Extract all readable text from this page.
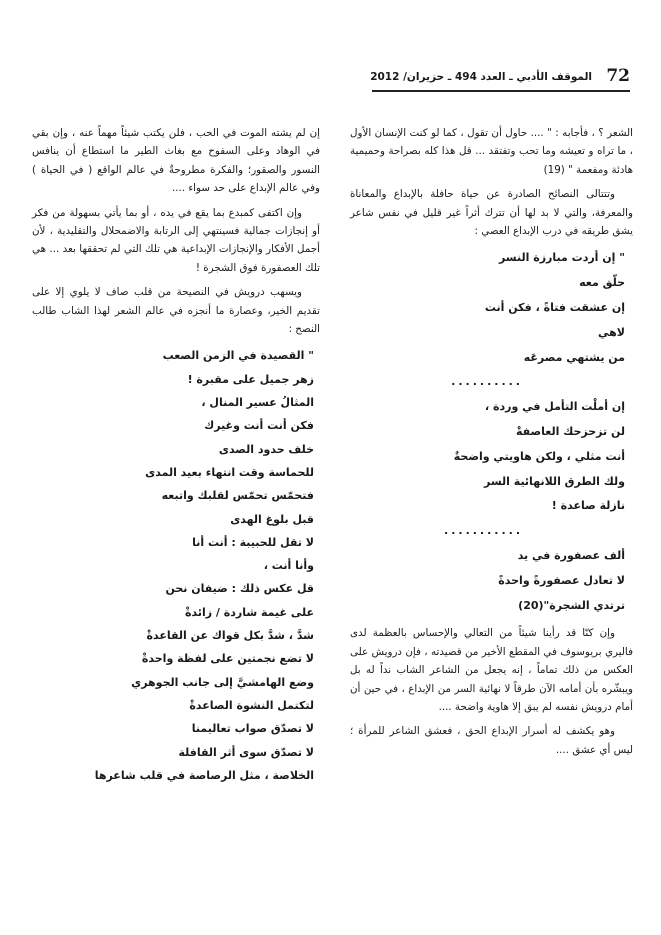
72
الموقف الأدبي ـ العدد 494 ـ حزيران/ 2012

الشعر ؟ ، فأجابه : " .... حاول أن تقول ، كما لو كنت الإنسان الأول ، ما تراه و تعيشه وما تحب وتفتقد ... قل هذا كله بصراحة وحميمية هادئة ومفعمة " (19)

وتتتالى النصائح الصادرة عن حياة حافلة بالإبداع والمعاناة والمعرفة، والتي لا بد لها أن تترك أثراً غير قليل في نفس شاعر يشق طريقه في درب الإبداع العصي :

" إن أردت مبارزة النسر
حلّق معه
إن عشقت فتاةً ، فكن أنت
لاهي
من يشتهي مصرعَه
..........
إن أملْت التأمل في وردة ،
لن تزحزحك العاصفةْ
أنت مثلي ، ولكن هاويتي واضحةٌ
ولك الطرق اللانهائية السر
نازلة صاعدة !
...........
ألف عصفورة في يد
لا تعادل عصفورةً واحدةً
ترتدي الشجرة"(20)

وإن كنّا قد رأينا شيئاً من التعالي والإحساس بالعظمة لدى فاليري بريوسوف في المقطع الأخير من قصيدته ، فإن درويش على العكس من ذلك تماماً ، إنه يجعل من الشاعر الشاب نداً له بل ويبشّره بأن أمامه الآن طرقاً لا نهائية السر من الإبداع ، في حين أن أمام درويش نفسه لم يبق إلا هاوية واضحة ....

وهو يكشف له أسرار الإبداع الحق ، فعشق الشاعر للمرأة ؛ ليس أي عشق ....

إن لم يشته الموت في الحب ، فلن يكتب شيئاً مهماً عنه ، وإن بقي في الوهاد وعلى السفوح مع بغاث الطير ما استطاع أن ينافس النسور والصقور؛ والفكرة مطروحةٌ في عالم الواقع ( في الحياة ) وفي عالم الإبداع على حد سواء ....

وإن اكتفى كمبدع بما يقع في يده ، أو بما يأتي بسهولة من فكر أو إنجازات جمالية فسينتهي إلى الرتابة والاضمحلال والتقليدية ، لأن أجمل الأفكار والإنجازات الإبداعية هي تلك التي لم تحققها بعد ... هي تلك العصفورة فوق الشجرة !

ويسهب درويش في النصيحة من قلب صاف لا يلوي إلا على تقديم الخير، وعصارة ما أنجزه في عالم الشعر لهذا الشاب طالب النصح :

" القصيدة في الزمن الصعب
زهر جميل على مقبرة !
المثالُ عسير المنال ،
فكن أنت أنت وغيرك
خلف حدود الصدى
للحماسة وقت انتهاء بعيد المدى
فتحمّس تحمّس لقلبك واتبعه
قبل بلوغ الهدى
لا تقل للحبيبة : أنت أنا
وأنا أنت ،
قل عكس ذلك : ضيفان نحن
على غيمة شاردة / زائدةْ
شدَّ ، شدَّ بكل قواك عن القاعدةْ
لا تضع نجمتين على لفظة واحدةْ
وضع الهامشيَّ إلى جانب الجوهري
لتكتمل النشوة الصاعدةْ
لا تصدّق صواب تعاليمنا
لا تصدّق سوى أثر القافلة
الخلاصة ، مثل الرصاصة في قلب شاعرها
